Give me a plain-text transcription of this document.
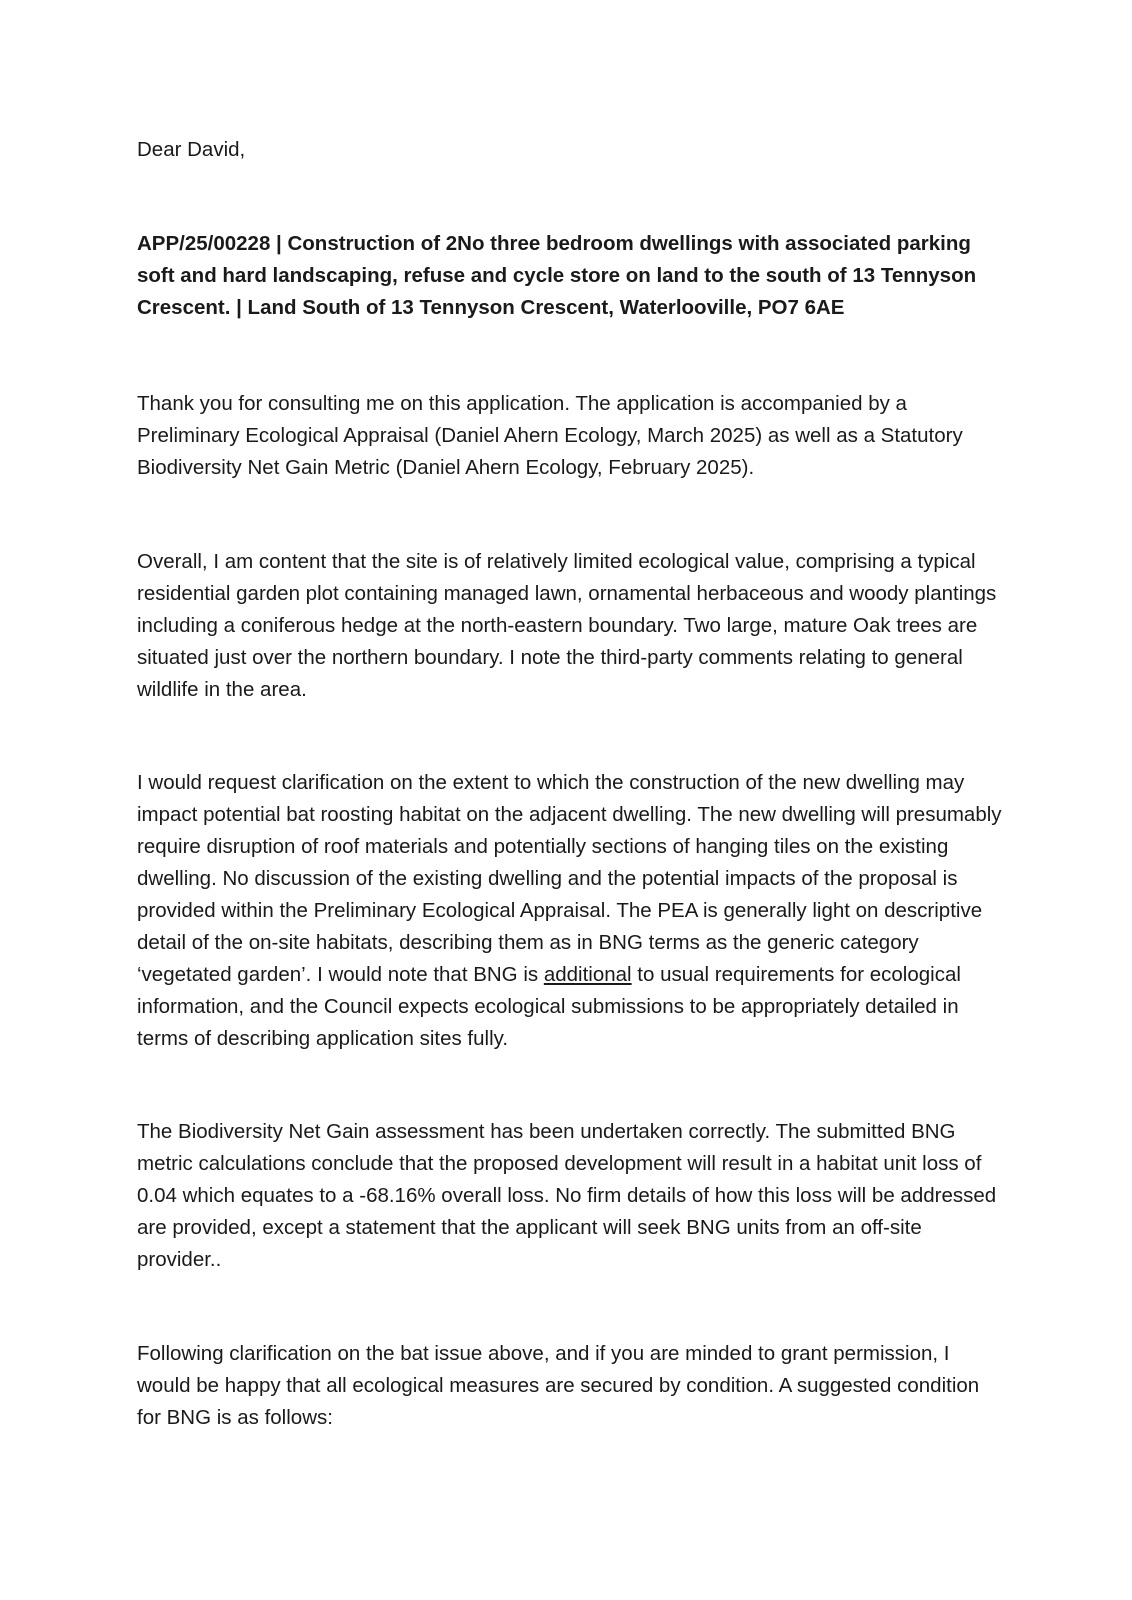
Dear David,

APP/25/00228 | Construction of 2No three bedroom dwellings with associated parking soft and hard landscaping, refuse and cycle store on land to the south of 13 Tennyson Crescent. | Land South of 13 Tennyson Crescent, Waterlooville, PO7 6AE

Thank you for consulting me on this application. The application is accompanied by a Preliminary Ecological Appraisal (Daniel Ahern Ecology, March 2025) as well as a Statutory Biodiversity Net Gain Metric (Daniel Ahern Ecology, February 2025).

Overall, I am content that the site is of relatively limited ecological value, comprising a typical residential garden plot containing managed lawn, ornamental herbaceous and woody plantings including a coniferous hedge at the north-eastern boundary. Two large, mature Oak trees are situated just over the northern boundary. I note the third-party comments relating to general wildlife in the area.

I would request clarification on the extent to which the construction of the new dwelling may impact potential bat roosting habitat on the adjacent dwelling. The new dwelling will presumably require disruption of roof materials and potentially sections of hanging tiles on the existing dwelling. No discussion of the existing dwelling and the potential impacts of the proposal is provided within the Preliminary Ecological Appraisal. The PEA is generally light on descriptive detail of the on-site habitats, describing them as in BNG terms as the generic category ‘vegetated garden’. I would note that BNG is additional to usual requirements for ecological information, and the Council expects ecological submissions to be appropriately detailed in terms of describing application sites fully.

The Biodiversity Net Gain assessment has been undertaken correctly. The submitted BNG metric calculations conclude that the proposed development will result in a habitat unit loss of 0.04 which equates to a -68.16% overall loss. No firm details of how this loss will be addressed are provided, except a statement that the applicant will seek BNG units from an off-site provider..

Following clarification on the bat issue above, and if you are minded to grant permission, I would be happy that all ecological measures are secured by condition. A suggested condition for BNG is as follows:
